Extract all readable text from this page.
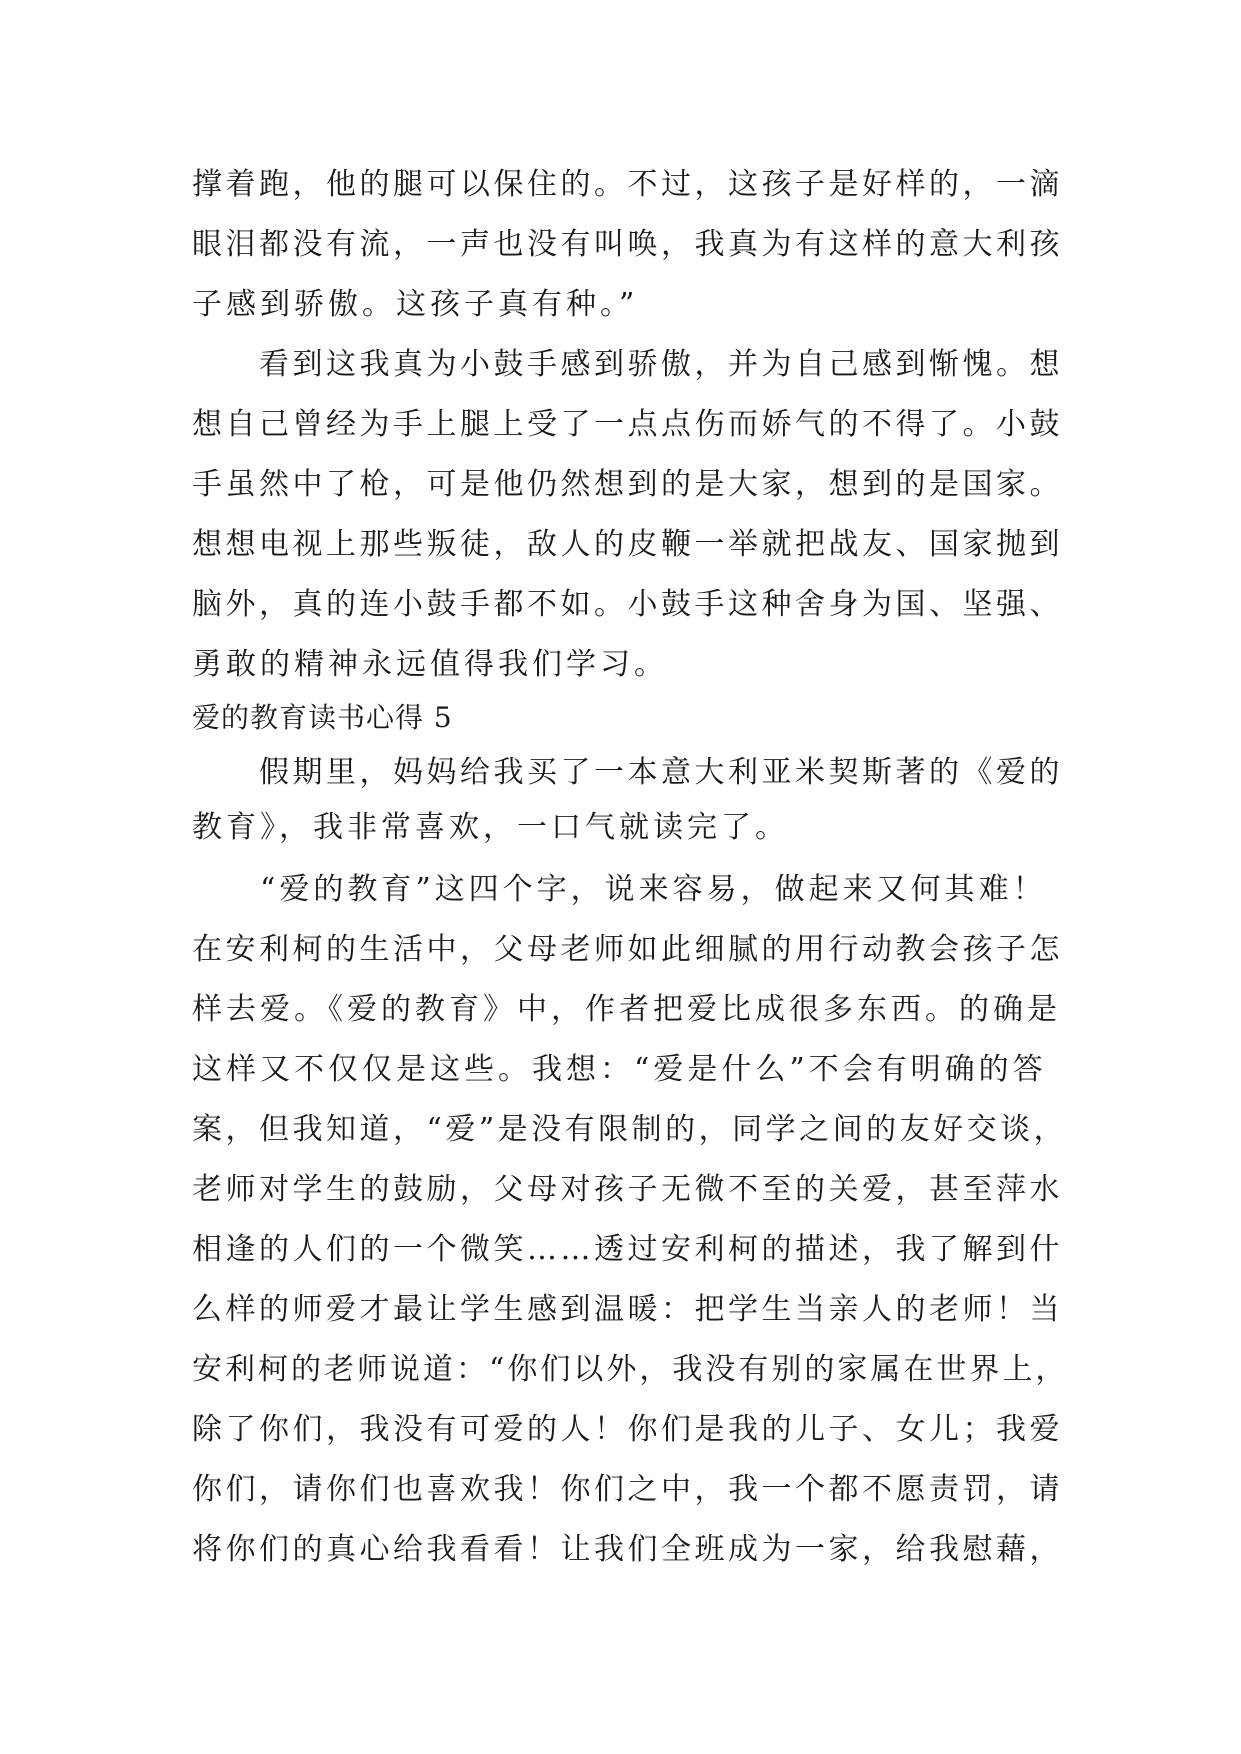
撑着跑，他的腿可以保住的。不过，这孩子是好样的，一滴
眼泪都没有流，一声也没有叫唤，我真为有这样的意大利孩
子感到骄傲。这孩子真有种。”
　　看到这我真为小鼓手感到骄傲，并为自己感到惭愧。想
想自己曾经为手上腿上受了一点点伤而娇气的不得了。小鼓
手虽然中了枪，可是他仍然想到的是大家，想到的是国家。
想想电视上那些叛徒，敌人的皮鞭一举就把战友、国家抛到
脑外，真的连小鼓手都不如。小鼓手这种舍身为国、坚强、
勇敢的精神永远值得我们学习。
爱的教育读书心得 5
　　假期里，妈妈给我买了一本意大利亚米契斯著的《爱的
教育》，我非常喜欢，一口气就读完了。
　　“爱的教育”这四个字，说来容易，做起来又何其难！
在安利柯的生活中，父母老师如此细腻的用行动教会孩子怎
样去爱。《爱的教育》中，作者把爱比成很多东西。的确是
这样又不仅仅是这些。我想：“爱是什么”不会有明确的答
案，但我知道，“爱”是没有限制的，同学之间的友好交谈，
老师对学生的鼓励，父母对孩子无微不至的关爱，甚至萍水
相逢的人们的一个微笑……透过安利柯的描述，我了解到什
么样的师爱才最让学生感到温暖：把学生当亲人的老师！当
安利柯的老师说道：“你们以外，我没有别的家属在世界上，
除了你们，我没有可爱的人！你们是我的儿子、女儿；我爱
你们，请你们也喜欢我！你们之中，我一个都不愿责罚，请
将你们的真心给我看看！让我们全班成为一家，给我慰藉，
